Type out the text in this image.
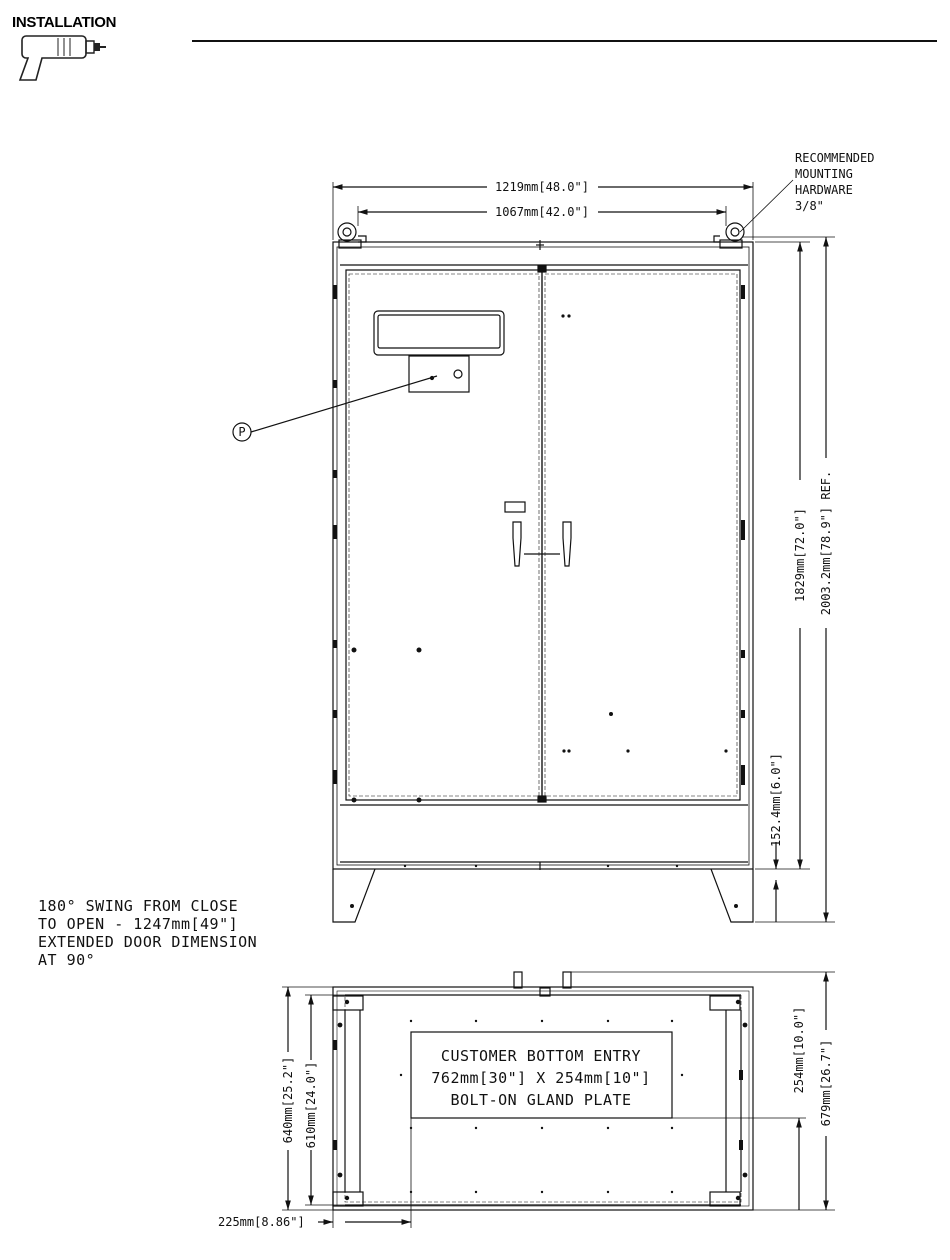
INSTALLATION
1219mm[48.0"]
1067mm[42.0"]
RECOMMENDED
MOUNTING
HARDWARE
3/8"
1829mm[72.0"] 2003.2mm[78.9"] REF.
152.4mm[6.0"]
P
180° SWING FROM CLOSE
TO OPEN - 1247mm[49"]
EXTENDED DOOR DIMENSION
AT 90°
CUSTOMER BOTTOM ENTRY
762mm[30"] X 254mm[10"]
BOLT-ON GLAND PLATE
640mm[25.2"] 610mm[24.0"]
254mm[10.0"] 679mm[26.7"]
225mm[8.86"]
